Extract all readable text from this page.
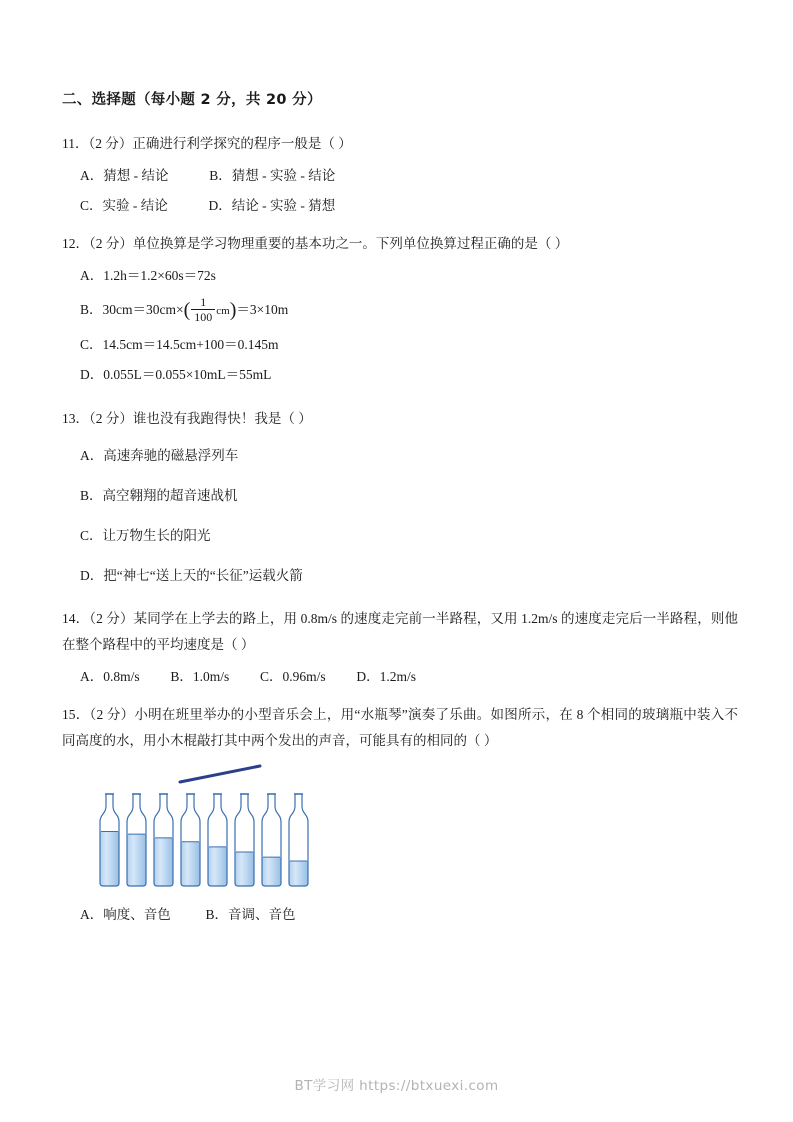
二、选择题（每小题 2 分，共 20 分）
11．（2 分）正确进行利学探究的程序一般是（ ）
A．猜想 - 结论	B．猜想 - 实验 - 结论
C．实验 - 结论	D．结论 - 实验 - 猜想
12．（2 分）单位换算是学习物理重要的基本功之一。下列单位换算过程正确的是（ ）
A．1.2h＝1.2×60s＝72s
B．$30cm=30cm\times( \frac{1}{100} cm)=3\times 10m$
C．14.5cm＝14.5cm+100＝0.145m
D．0.055L＝0.055×10mL＝55mL
13．（2 分）谁也没有我跑得快！我是（ ）
A．高速奔驰的磁悬浮列车
B．高空翱翔的超音速战机
C．让万物生长的阳光
D．把“神七“送上天的“长征”运载火箭
14．（2 分）某同学在上学去的路上，用 0.8m/s 的速度走完前一半路程，又用 1.2m/s 的速度走完后一半路程，则他在整个路程中的平均速度是（ ）
A．0.8m/s B．1.0m/s C．0.96m/s D．1.2m/s
15．（2 分）小明在班里举办的小型音乐会上，用“水瓶琴”演奏了乐曲。如图所示，在 8 个相同的玻璃瓶中装入不同高度的水，用小木棍敲打其中两个发出的声音，可能具有的相同的（ ）
A．响度、音色	B．音调、音色
BT学习网 https://btxuexi.com
